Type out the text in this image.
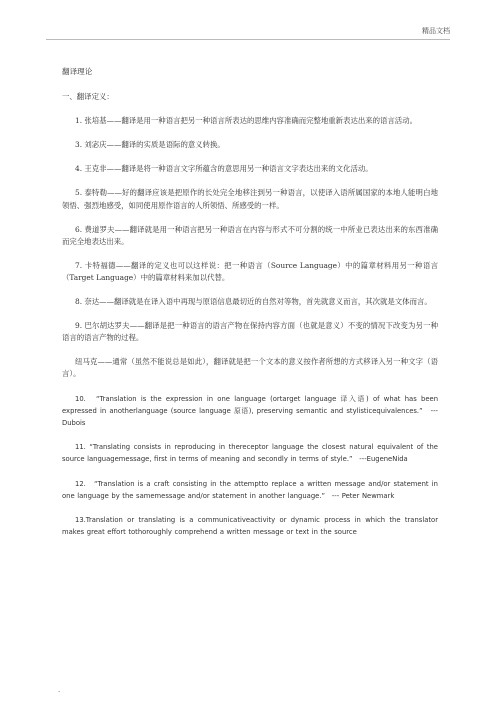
精品文档
翻译理论
一、翻译定义：

1. 张培基——翻译是用一种语言把另一种语言所表达的思维内容准确而完整地重新表达出来的语言活动。

3. 刘宓庆——翻译的实质是语际的意义转换。

4. 王克非——翻译是将一种语言文字所蕴含的意思用另一种语言文字表达出来的文化活动。

5. 泰特勒——好的翻译应该是把原作的长处完全地移注到另一种语言，以使译入语所属国家的本地人能明白地领悟、强烈地感受，如同使用原作语言的人所领悟、所感受的一样。

6. 费道罗夫——翻译就是用一种语言把另一种语言在内容与形式不可分割的统一中所业已表达出来的东西准确而完全地表达出来。

7. 卡特福德——翻译的定义也可以这样说：把一种语言（Source Language）中的篇章材料用另一种语言（Target Language）中的篇章材料来加以代替。

8. 奈达——翻译就是在译入语中再现与原语信息最切近的自然对等物，首先就意义而言，其次就是文体而言。

9. 巴尔胡达罗夫——翻译是把一种语言的语言产物在保持内容方面（也就是意义）不变的情况下改变为另一种语言的语言产物的过程。

纽马克——通常（虽然不能说总是如此），翻译就是把一个文本的意义按作者所想的方式移译入另一种文字（语言）。

10.　“Translation is the expression in one language (ortarget language 译入语) of what has been expressed in anotherlanguage (source language 原语), preserving semantic and stylisticequivalences.”　--- Dubois

11. “Translating consists in reproducing in thereceptor language the closest natural equivalent of the source languagemessage, first in terms of meaning and secondly in terms of style.”　---EugeneNida

12.　“Translation is a craft consisting in the attemptto replace a written message and/or statement in one language by the samemessage and/or statement in another language.”　--- Peter Newmark

13.Translation or translating is a communicativeactivity or dynamic process in which the translator makes great effort tothoroughly comprehend a written message or text in the source

.
